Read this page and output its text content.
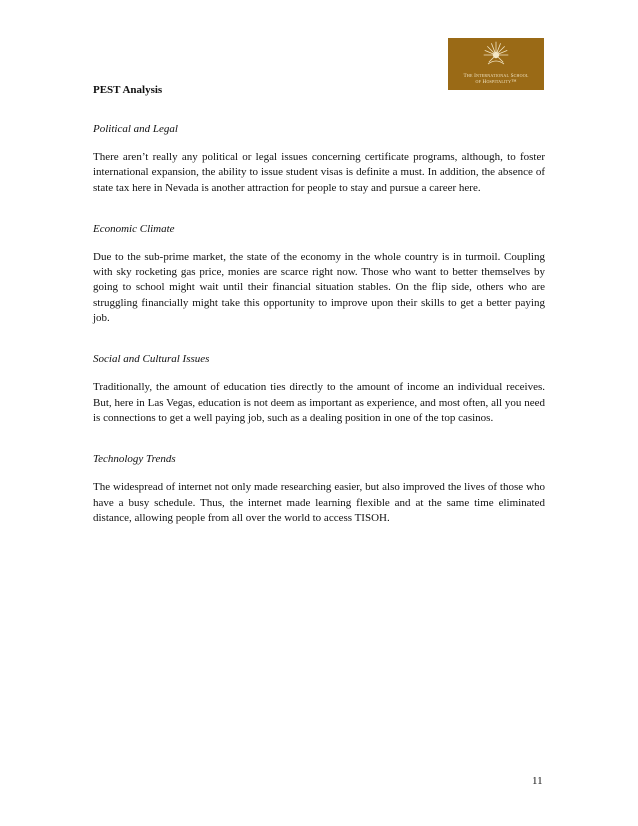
The International School
of Hospitality™
PEST Analysis
Political and Legal
There aren’t really any political or legal issues concerning certificate programs, although, to foster international expansion, the ability to issue student visas is definite a must. In addition, the absence of state tax here in Nevada is another attraction for people to stay and pursue a career here.
Economic Climate
Due to the sub-prime market, the state of the economy in the whole country is in turmoil. Coupling with sky rocketing gas price, monies are scarce right now. Those who want to better themselves by going to school might wait until their financial situation stables. On the flip side, others who are struggling financially might take this opportunity to improve upon their skills to get a better paying job.
Social and Cultural Issues
Traditionally, the amount of education ties directly to the amount of income an individual receives. But, here in Las Vegas, education is not deem as important as experience, and most often, all you need is connections to get a well paying job, such as a dealing position in one of the top casinos.
Technology Trends
The widespread of internet not only made researching easier, but also improved the lives of those who have a busy schedule. Thus, the internet made learning flexible and at the same time eliminated distance, allowing people from all over the world to access TISOH.
11
